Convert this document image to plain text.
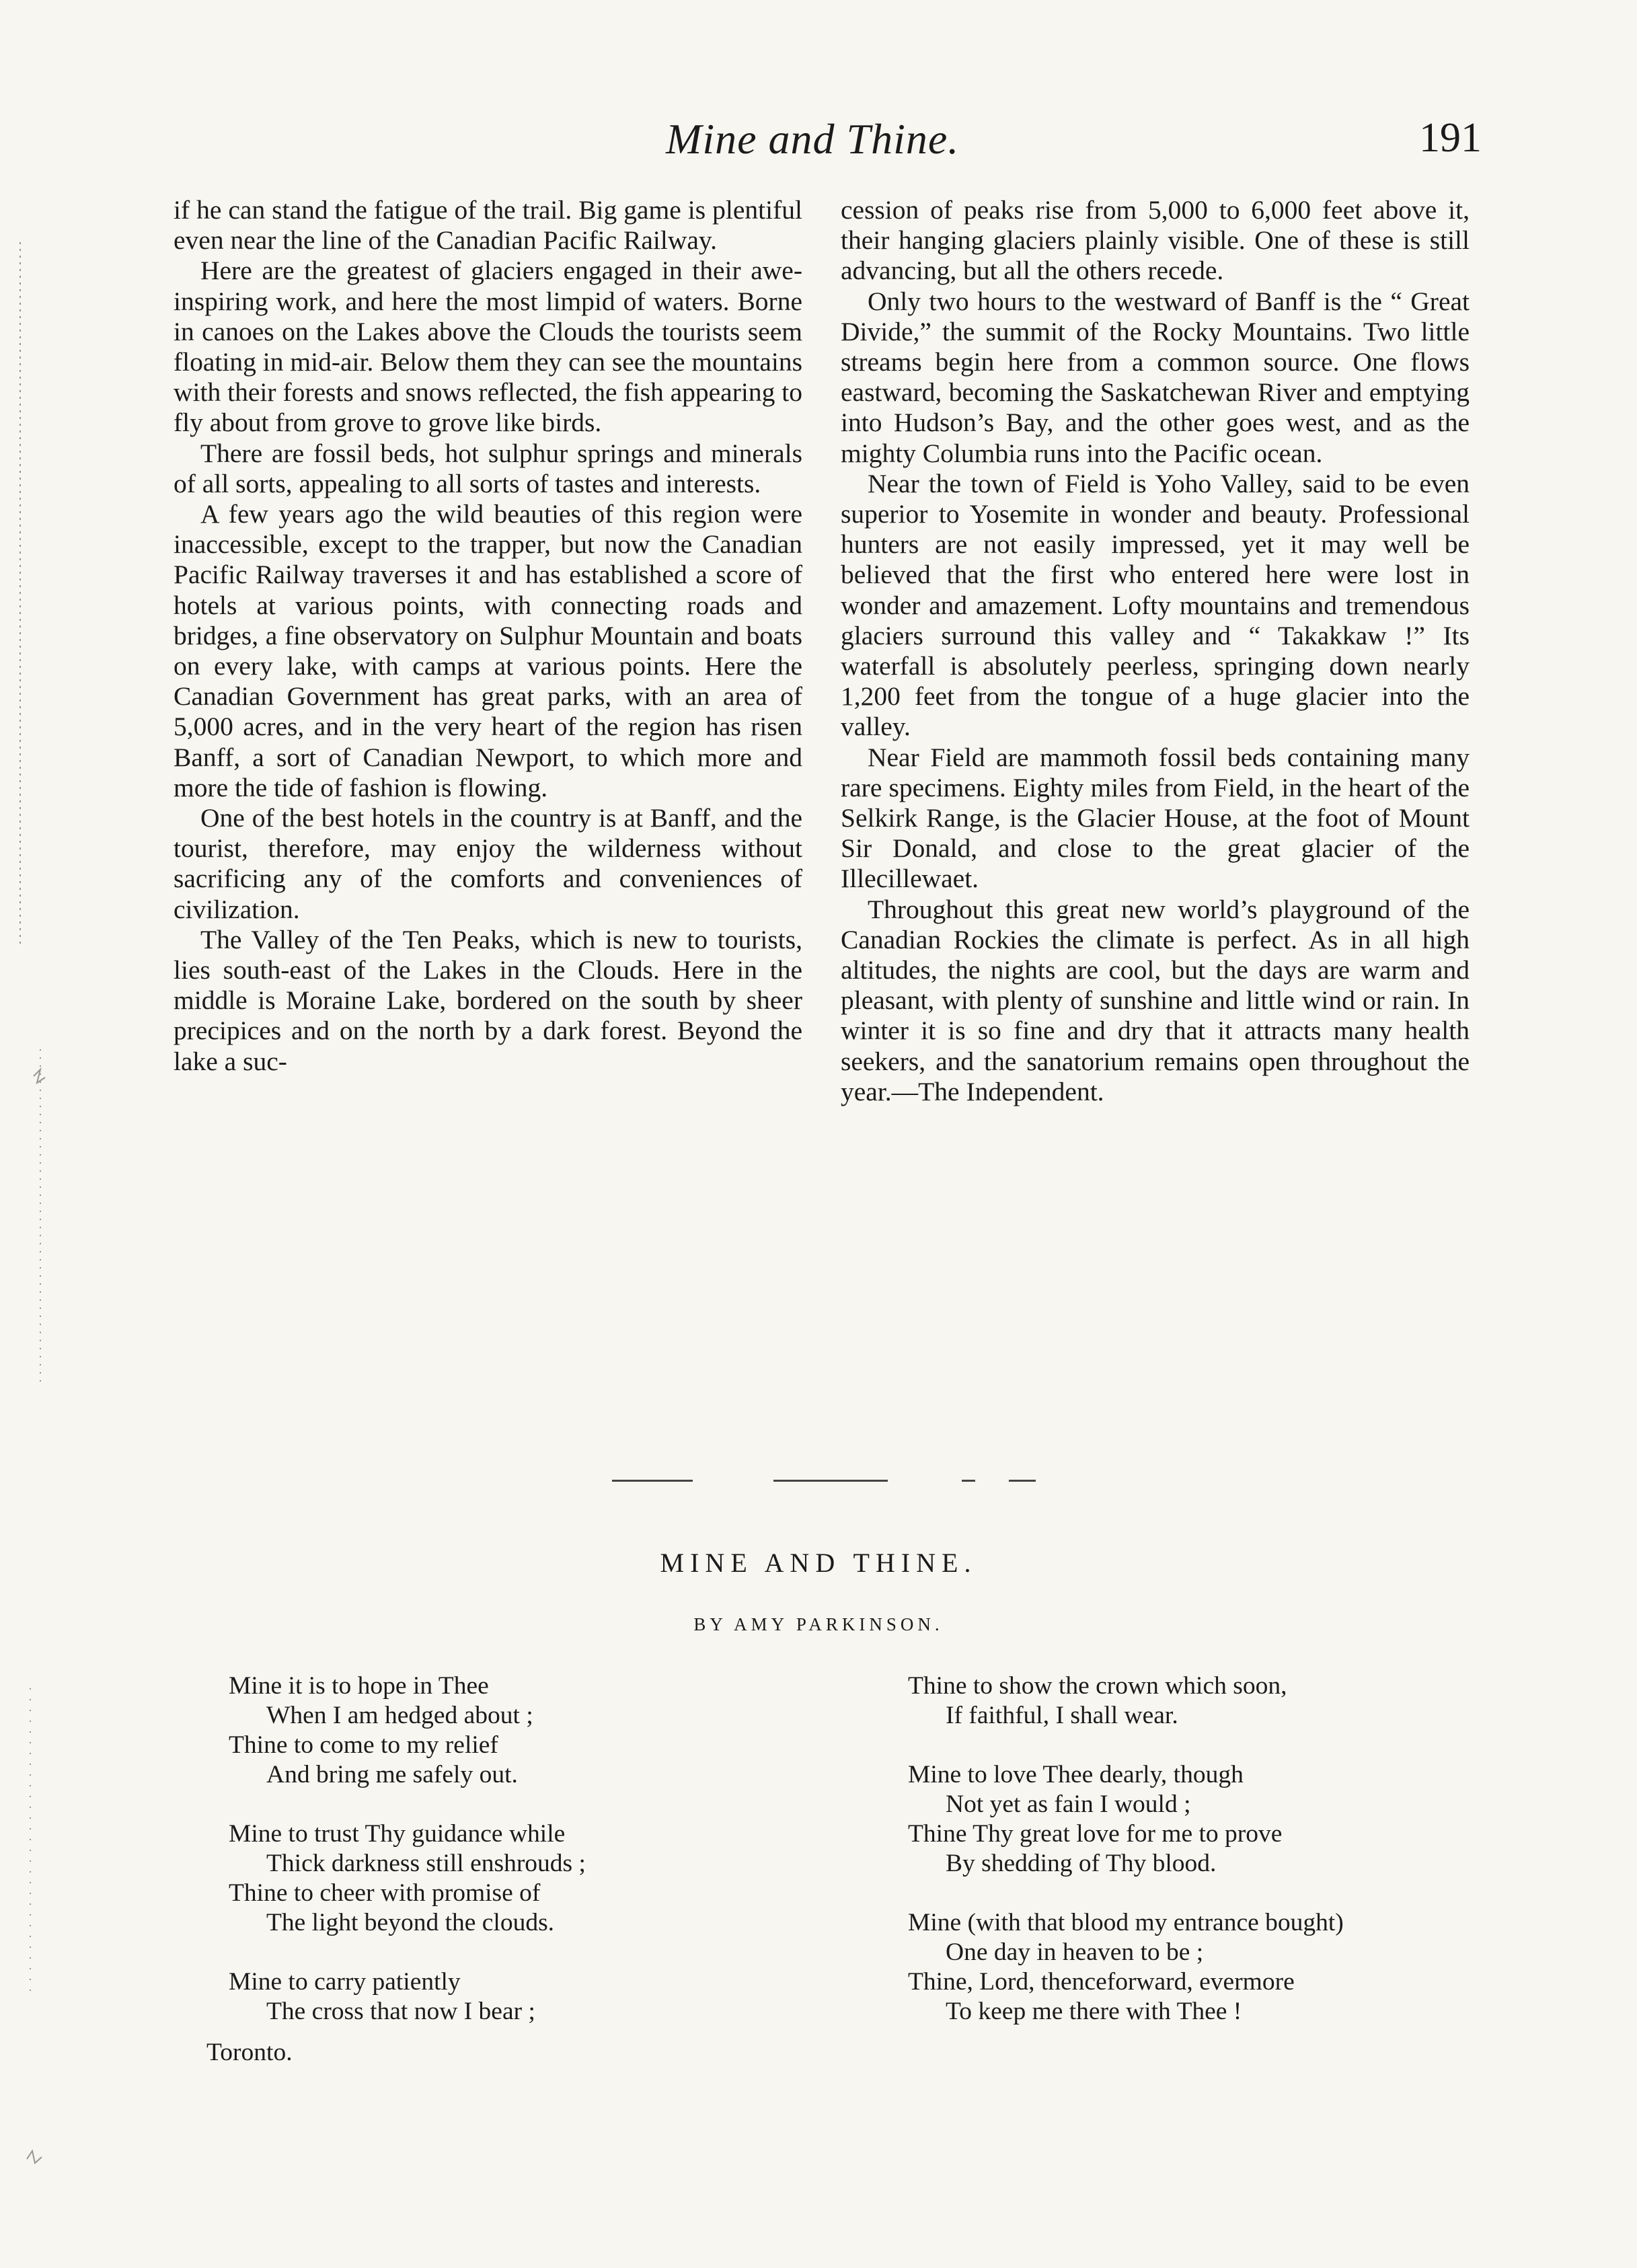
Mine and Thine.	191

if he can stand the fatigue of the trail. Big game is plentiful even near the line of the Canadian Pacific Railway.

Here are the greatest of glaciers engaged in their awe-inspiring work, and here the most limpid of waters. Borne in canoes on the Lakes above the Clouds the tourists seem floating in mid-air. Below them they can see the mountains with their forests and snows reflected, the fish appearing to fly about from grove to grove like birds.

There are fossil beds, hot sulphur springs and minerals of all sorts, appealing to all sorts of tastes and interests.

A few years ago the wild beauties of this region were inaccessible, except to the trapper, but now the Canadian Pacific Railway traverses it and has established a score of hotels at various points, with connecting roads and bridges, a fine observatory on Sulphur Mountain and boats on every lake, with camps at various points. Here the Canadian Government has great parks, with an area of 5,000 acres, and in the very heart of the region has risen Banff, a sort of Canadian Newport, to which more and more the tide of fashion is flowing.

One of the best hotels in the country is at Banff, and the tourist, therefore, may enjoy the wilderness without sacrificing any of the comforts and conveniences of civilization.

The Valley of the Ten Peaks, which is new to tourists, lies south-east of the Lakes in the Clouds. Here in the middle is Moraine Lake, bordered on the south by sheer precipices and on the north by a dark forest. Beyond the lake a suc-

cession of peaks rise from 5,000 to 6,000 feet above it, their hanging glaciers plainly visible. One of these is still advancing, but all the others recede.

Only two hours to the westward of Banff is the “ Great Divide,” the summit of the Rocky Mountains. Two little streams begin here from a common source. One flows eastward, becoming the Saskatchewan River and emptying into Hudson’s Bay, and the other goes west, and as the mighty Columbia runs into the Pacific ocean.

Near the town of Field is Yoho Valley, said to be even superior to Yosemite in wonder and beauty. Professional hunters are not easily impressed, yet it may well be believed that the first who entered here were lost in wonder and amazement. Lofty mountains and tremendous glaciers surround this valley and “ Takakkaw !” Its waterfall is absolutely peerless, springing down nearly 1,200 feet from the tongue of a huge glacier into the valley.

Near Field are mammoth fossil beds containing many rare specimens. Eighty miles from Field, in the heart of the Selkirk Range, is the Glacier House, at the foot of Mount Sir Donald, and close to the great glacier of the Illecillewaet.

Throughout this great new world’s playground of the Canadian Rockies the climate is perfect. As in all high altitudes, the nights are cool, but the days are warm and pleasant, with plenty of sunshine and little wind or rain. In winter it is so fine and dry that it attracts many health seekers, and the sanatorium remains open throughout the year.—The Independent.

MINE AND THINE.
BY AMY PARKINSON.
Mine it is to hope in Thee
When I am hedged about ;
Thine to come to my relief
And bring me safely out.
Mine to trust Thy guidance while
Thick darkness still enshrouds ;
Thine to cheer with promise of
The light beyond the clouds.
Mine to carry patiently
The cross that now I bear ;
Toronto.
Thine to show the crown which soon,
If faithful, I shall wear.
Mine to love Thee dearly, though
Not yet as fain I would ;
Thine Thy great love for me to prove
By shedding of Thy blood.
Mine (with that blood my entrance bought)
One day in heaven to be ;
Thine, Lord, thenceforward, evermore
To keep me there with Thee !
